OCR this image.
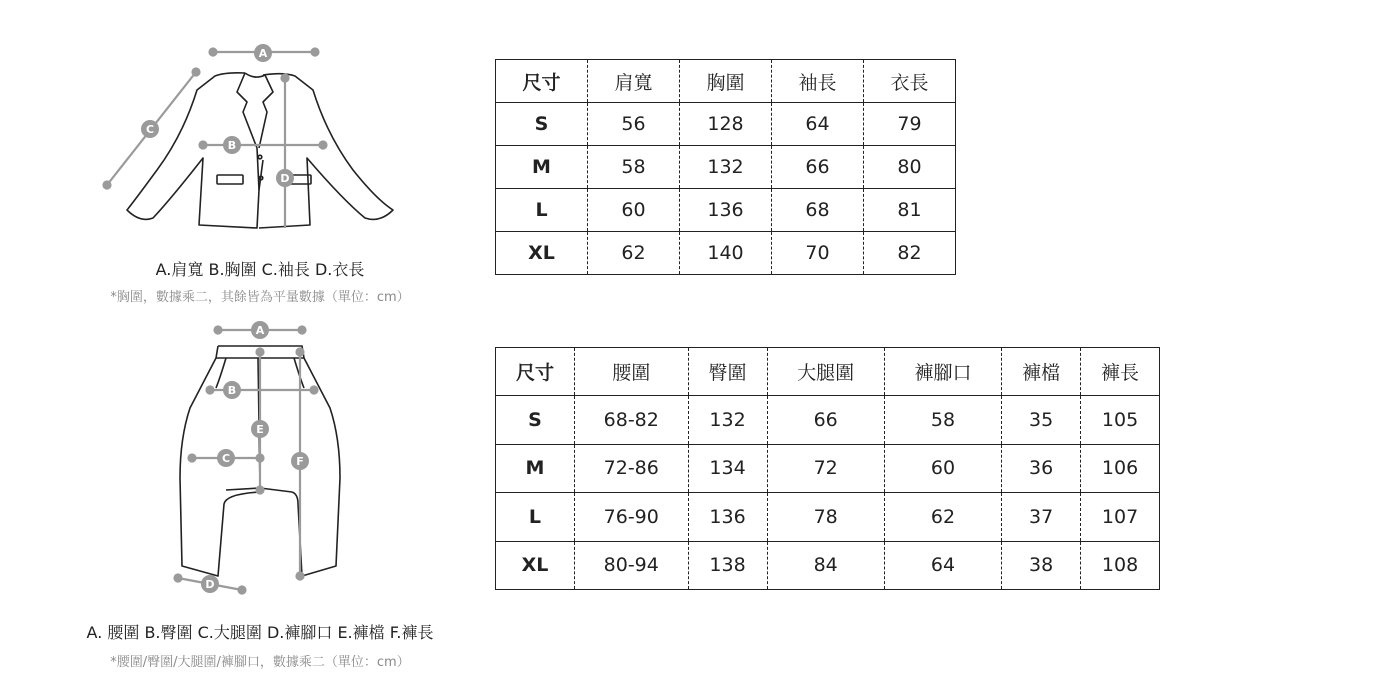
A
C
B
D
A.肩寬 B.胸圍 C.袖長 D.衣長
*胸圍，數據乘二，其餘皆為平量數據（單位：cm）
A
B
C
D
E
F
A. 腰圍 B.臀圍 C.大腿圍 D.褲腳口 E.褲檔 F.褲長
*腰圍/臀圍/大腿圍/褲腳口，數據乘二（單位：cm）
尺寸	肩寬	胸圍	袖長	衣長
S	56	128	64	79
M	58	132	66	80
L	60	136	68	81
XL	62	140	70	82
尺寸	腰圍	臀圍	大腿圍	褲腳口	褲檔	褲長
S	68-82	132	66	58	35	105
M	72-86	134	72	60	36	106
L	76-90	136	78	62	37	107
XL	80-94	138	84	64	38	108
